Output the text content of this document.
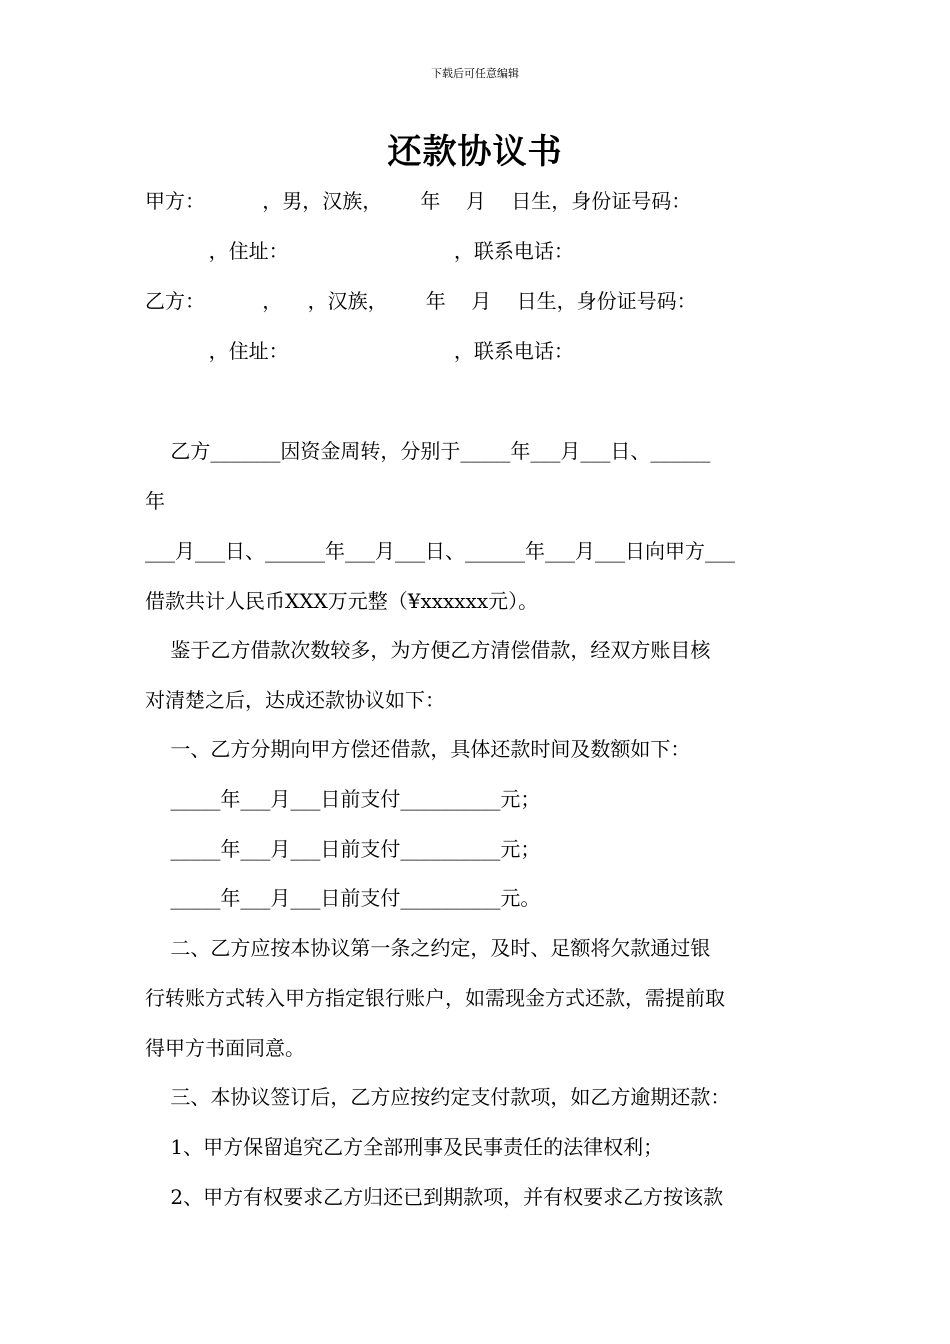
下载后可任意编辑
还款协议书
甲方：         ，男，汉族，      年    月    日生，身份证号码：
，住址：                          ，联系电话：
乙方：         ，    ，汉族，      年    月    日生，身份证号码：
，住址：                          ，联系电话：
乙方_______因资金周转，分别于_____年___月___日、______
年
___月___日、______年___月___日、______年___月___日向甲方___
借款共计人民币XXX万元整（¥xxxxxx元）。
鉴于乙方借款次数较多，为方便乙方清偿借款，经双方账目核
对清楚之后，达成还款协议如下：
一、乙方分期向甲方偿还借款，具体还款时间及数额如下：
_____年___月___日前支付__________元；
_____年___月___日前支付__________元；
_____年___月___日前支付__________元。
二、乙方应按本协议第一条之约定，及时、足额将欠款通过银
行转账方式转入甲方指定银行账户，如需现金方式还款，需提前取
得甲方书面同意。
三、本协议签订后，乙方应按约定支付款项，如乙方逾期还款：
1、甲方保留追究乙方全部刑事及民事责任的法律权利；
2、甲方有权要求乙方归还已到期款项，并有权要求乙方按该款
